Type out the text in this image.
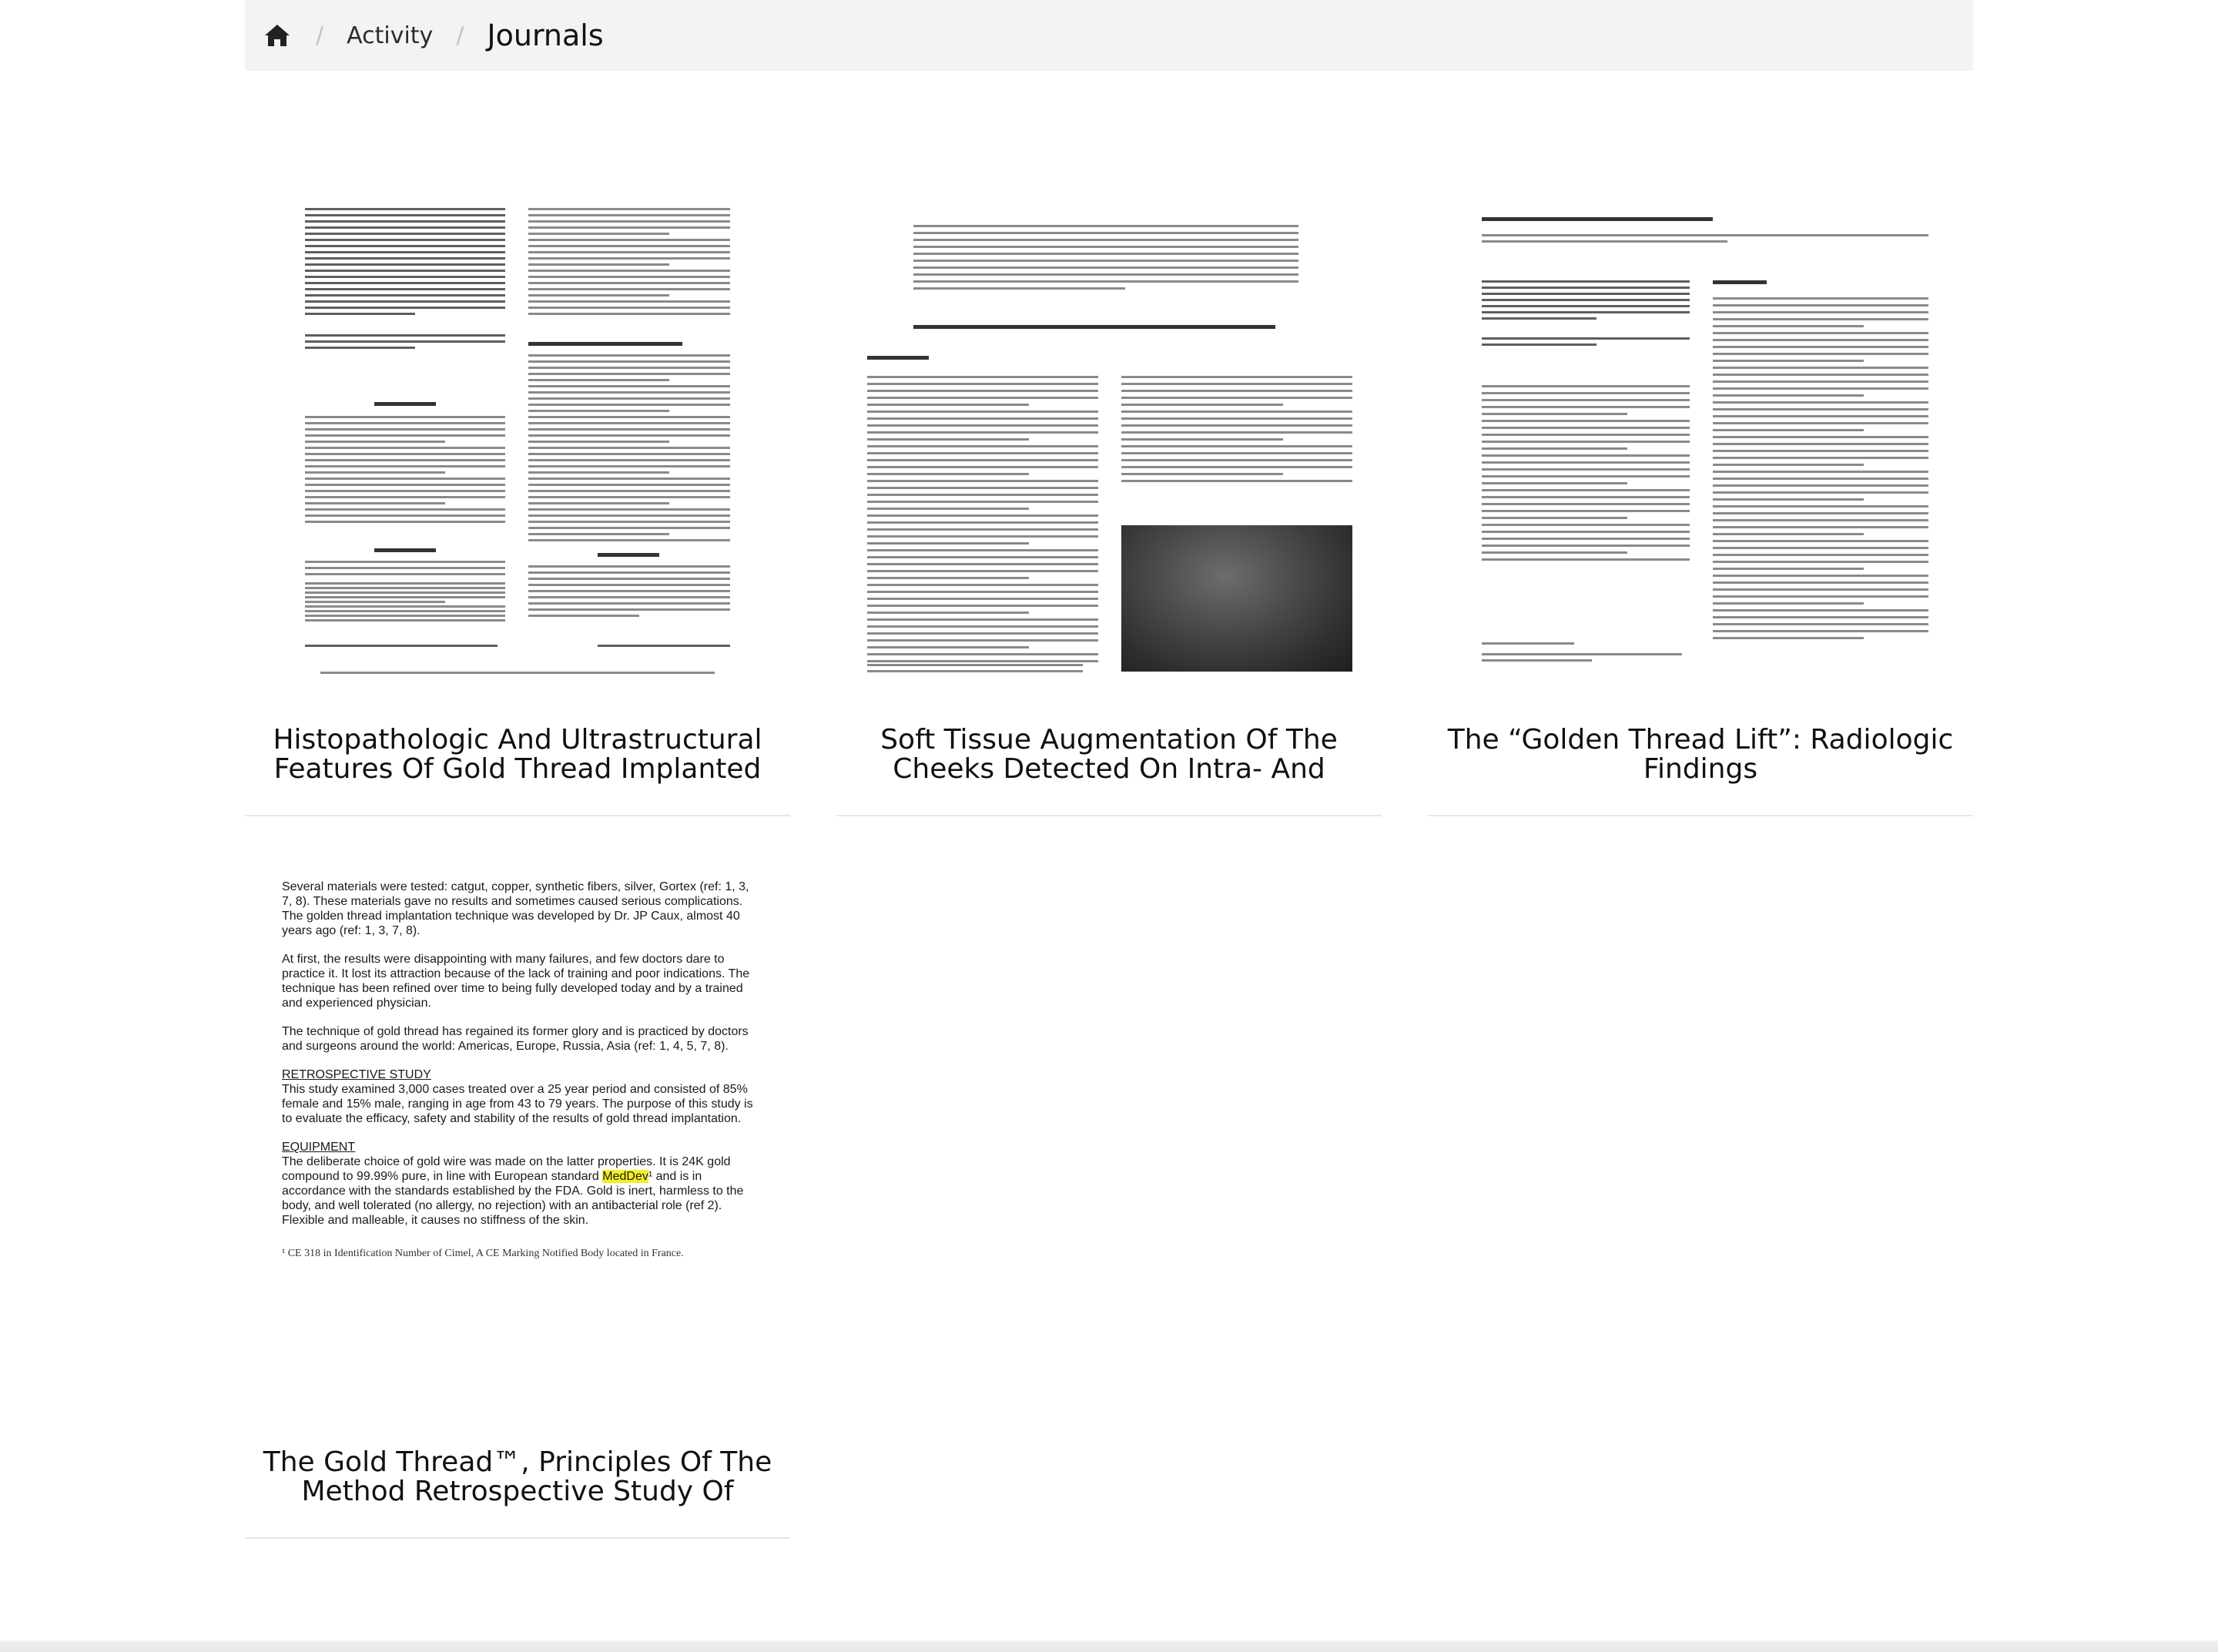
/ Activity / Journals
Histopathologic And Ultrastructural Features Of Gold Thread Implanted
Soft Tissue Augmentation Of The Cheeks Detected On Intra- And
The “Golden Thread Lift”: Radiologic Findings
The Gold Thread™, Principles Of The Method Retrospective Study Of

Several materials were tested: catgut, copper, synthetic fibers, silver, Gortex (ref: 1, 3, 7, 8). These materials gave no results and sometimes caused serious complications. The golden thread implantation technique was developed by Dr. JP Caux, almost 40 years ago (ref: 1, 3, 7, 8).

At first, the results were disappointing with many failures, and few doctors dare to practice it. It lost its attraction because of the lack of training and poor indications. The technique has been refined over time to being fully developed today and by a trained and experienced physician.

The technique of gold thread has regained its former glory and is practiced by doctors and surgeons around the world: Americas, Europe, Russia, Asia (ref: 1, 4, 5, 7, 8).

RETROSPECTIVE STUDY

This study examined 3,000 cases treated over a 25 year period and consisted of 85% female and 15% male, ranging in age from 43 to 79 years. The purpose of this study is to evaluate the efficacy, safety and stability of the results of gold thread implantation.

EQUIPMENT

The deliberate choice of gold wire was made on the latter properties. It is 24K gold compound to 99.99% pure, in line with European standard MedDev¹ and is in accordance with the standards established by the FDA. Gold is inert, harmless to the body, and well tolerated (no allergy, no rejection) with an antibacterial role (ref 2). Flexible and malleable, it causes no stiffness of the skin.

¹ CE 318 in Identification Number of Cimel, A CE Marking Notified Body located in France.
